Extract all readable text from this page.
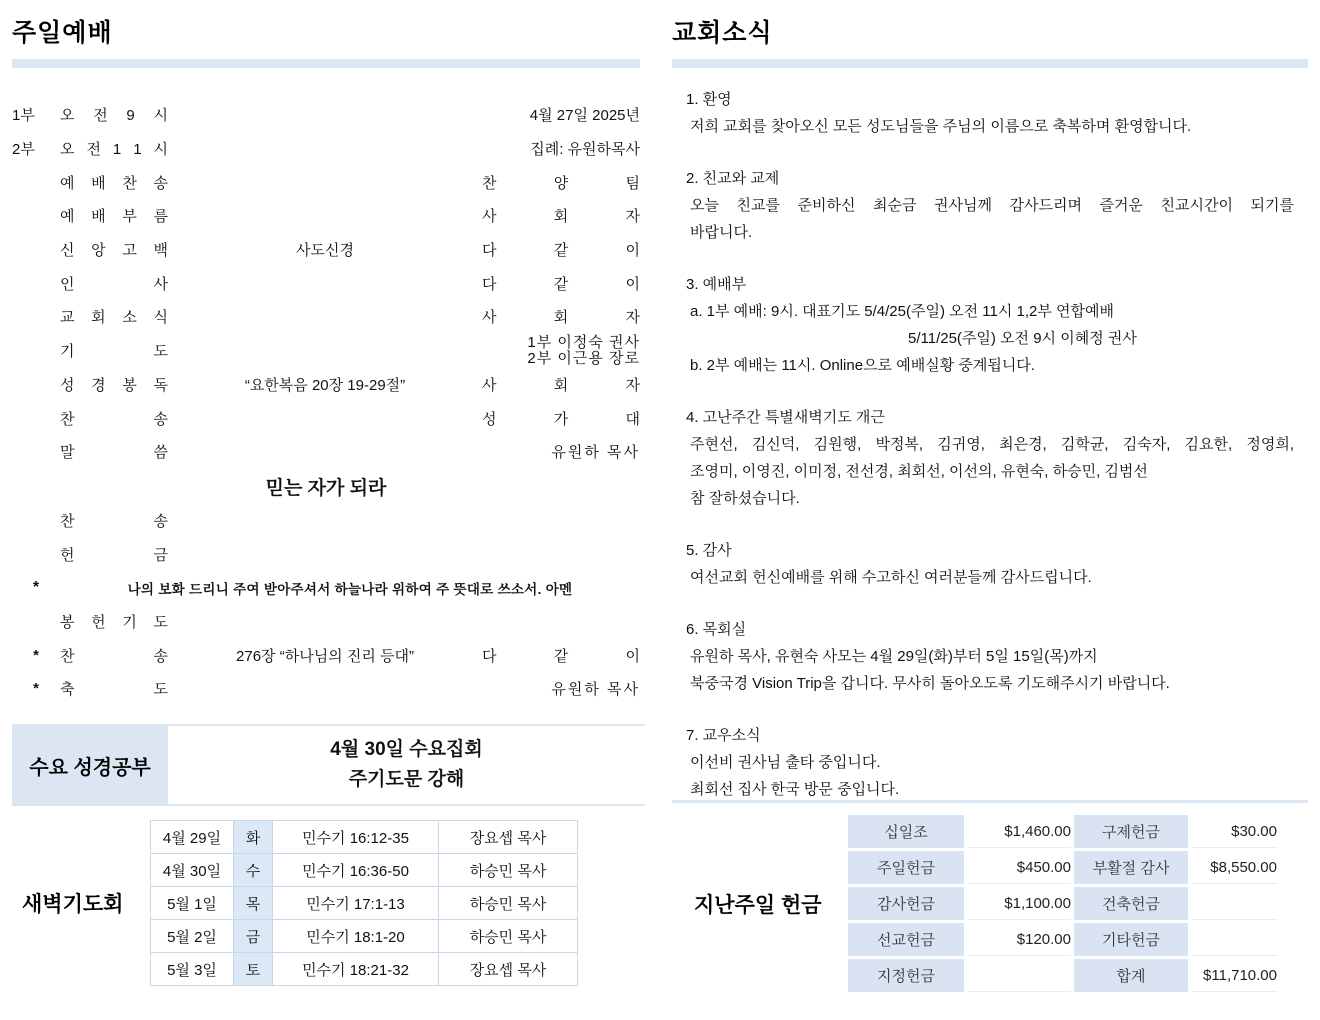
주일예배
1부	오 전 9 시	4월 27일 2025년
2부	오 전 1 1 시	집례: 유원하목사
예 배 찬 송	찬 양 팀
예 배 부 름	사 회 자
신 앙 고 백	사도신경	다 같 이
인 사	다 같 이
교 회 소 식	사 회 자
기 도
1부 이정숙 권사
2부 이근용 장로
성 경 봉 독	“요한복음 20장 19-29절”	사 회 자
찬 송	성 가 대
말 씀	유원하 목사
믿는 자가 되라
찬 송
헌 금
*	나의 보화 드리니 주여 받아주셔서 하늘나라 위하여 주 뜻대로 쓰소서. 아멘
봉 헌 기 도
*	찬 송	276장 “하나님의 진리 등대”	다 같 이
*	축 도	유원하 목사
수요 성경공부
4월 30일 수요집회
주기도문 강해
새벽기도회
4월 29일	화	민수기 16:12-35	장요셉 목사
4월 30일	수	민수기 16:36-50	하승민 목사
5월 1일	목	민수기 17:1-13	하승민 목사
5월 2일	금	민수기 18:1-20	하승민 목사
5월 3일	토	민수기 18:21-32	장요셉 목사
교회소식
1. 환영
저희 교회를 찾아오신 모든 성도님들을 주님의 이름으로 축복하며 환영합니다.
2. 친교와 교제
오늘 친교를 준비하신 최순금 권사님께 감사드리며 즐거운 친교시간이 되기를
바랍니다.
3. 예배부
a. 1부 예배: 9시. 대표기도 5/4/25(주일) 오전 11시 1,2부 연합예배
5/11/25(주일) 오전 9시 이혜정 권사
b. 2부 예배는 11시. Online으로 예배실황 중계됩니다.
4. 고난주간 특별새벽기도 개근
주현선, 김신덕, 김원행, 박정복, 김귀영, 최은경, 김학균, 김숙자, 김요한, 정영희,
조영미, 이영진, 이미정, 전선경, 최회선, 이선의, 유현숙, 하승민, 김범선
참 잘하셨습니다.
5. 감사
여선교회 헌신예배를 위해 수고하신 여러분들께 감사드립니다.
6. 목회실
유원하 목사, 유현숙 사모는 4월 29일(화)부터 5일 15일(목)까지
북중국경 Vision Trip을 갑니다. 무사히 돌아오도록 기도해주시기 바랍니다.
7. 교우소식
이선비 권사님 출타 중입니다.
최회선 집사 한국 방문 중입니다.
지난주일 헌금
십일조	$1,460.00	구제헌금	$30.00
주일헌금	$450.00	부활절 감사	$8,550.00
감사헌금	$1,100.00	건축헌금	
선교헌금	$120.00	기타헌금	
지정헌금		합계	$11,710.00
